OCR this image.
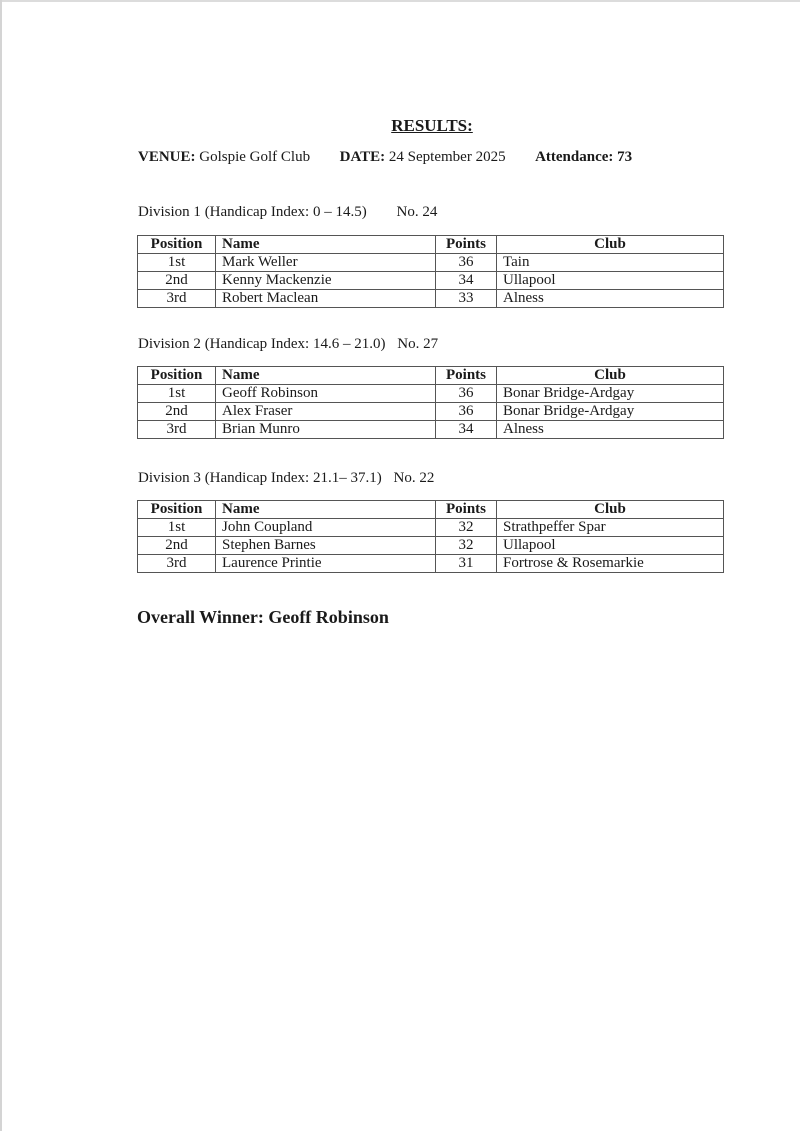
RESULTS:
VENUE: Golspie Golf Club DATE: 24 September 2025 Attendance: 73
Division 1 (Handicap Index: 0 – 14.5) No. 24
Position	Name	Points	Club
1st	Mark Weller	36	Tain
2nd	Kenny Mackenzie	34	Ullapool
3rd	Robert Maclean	33	Alness
Division 2 (Handicap Index: 14.6 – 21.0) No. 27
Position	Name	Points	Club
1st	Geoff Robinson	36	Bonar Bridge-Ardgay
2nd	Alex Fraser	36	Bonar Bridge-Ardgay
3rd	Brian Munro	34	Alness
Division 3 (Handicap Index: 21.1– 37.1) No. 22
Position	Name	Points	Club
1st	John Coupland	32	Strathpeffer Spar
2nd	Stephen Barnes	32	Ullapool
3rd	Laurence Printie	31	Fortrose & Rosemarkie
Overall Winner: Geoff Robinson
